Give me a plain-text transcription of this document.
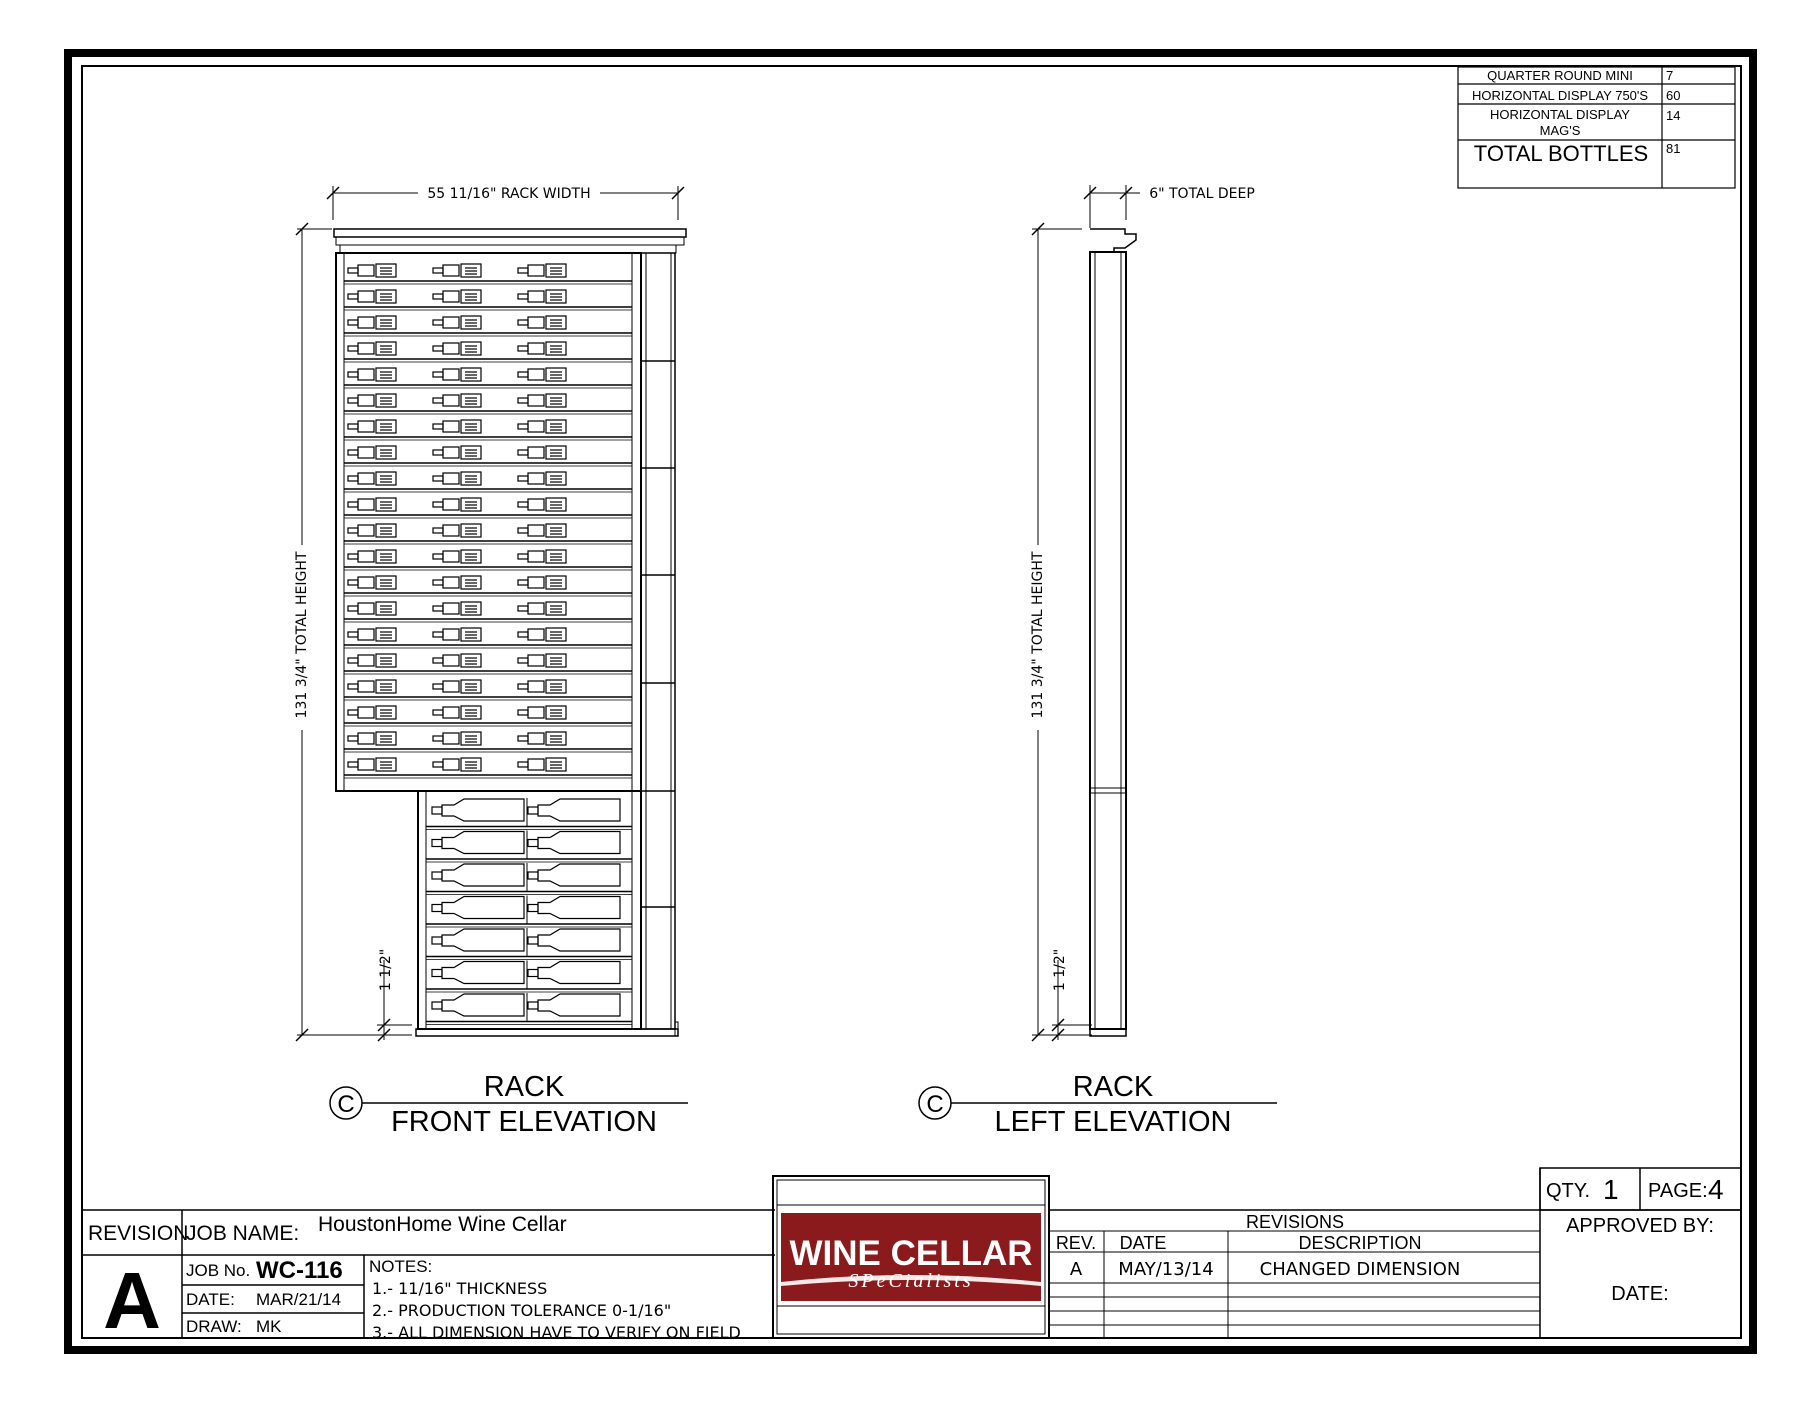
QUARTER ROUND MINI	7
HORIZONTAL DISPLAY 750'S 60
HORIZONTAL DISPLAY
MAG'S
14
TOTAL BOTTLES 81
55 11/16" RACK WIDTH
131 3/4" TOTAL HEIGHT
1 1/2"
C
RACK
FRONT ELEVATION
6" TOTAL DEEP
131 3/4" TOTAL HEIGHT
1 1/2"
C
RACK
LEFT ELEVATION
REVISION
A
JOB NAME: HoustonHome Wine Cellar
JOB No. WC-116
DATE: MAR/21/14
DRAW: MK
NOTES:
1.- 11/16" THICKNESS
2.- PRODUCTION TOLERANCE 0-1/16"
3.- ALL DIMENSION HAVE TO VERIFY ON FIELD
WINE CELLAR
SPeCialists
REVISIONS
REV. DATE	DESCRIPTION
A MAY/13/14	CHANGED DIMENSION
QTY. 1 PAGE: 4
APPROVED BY:
DATE:
